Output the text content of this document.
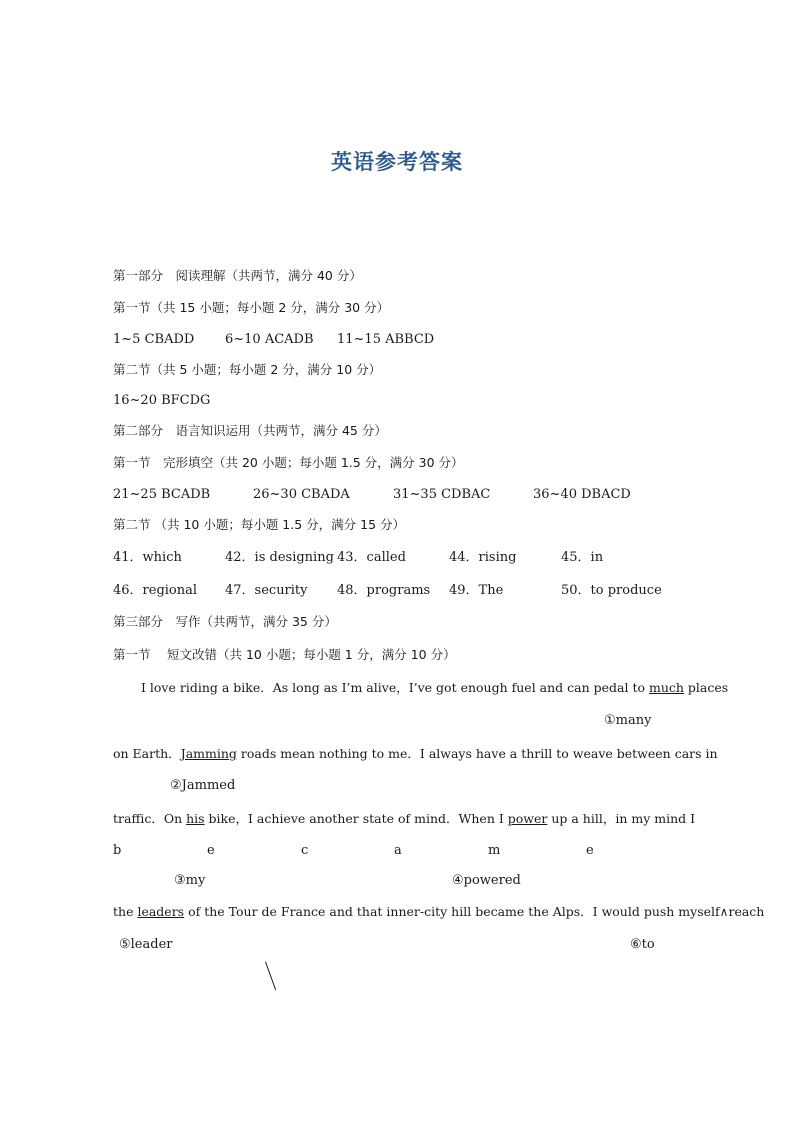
英语参考答案
第一部分　阅读理解（共两节，满分 40 分）
第一节（共 15 小题；每小题 2 分，满分 30 分）
1~5 CBADD 6~10 ACADB 11~15 ABBCD
第二节（共 5 小题；每小题 2 分，满分 10 分）
16~20 BFCDG
第二部分　语言知识运用（共两节，满分 45 分）
第一节　完形填空（共 20 小题；每小题 1.5 分，满分 30 分）
21~25 BCADB	26~30 CBADA	31~35 CDBAC	36~40 DBACD
第二节 （共 10 小题；每小题 1.5 分，满分 15 分）
41．which	42．is designing 43．called	44．rising	45．in
46．regional 47．security 48．programs 49．The	50．to produce
第三部分　写作（共两节，满分 35 分）
第一节　 短文改错（共 10 小题；每小题 1 分，满分 10 分）
I love riding a bike．As long as I’m alive，I’ve got enough fuel and can pedal to much places
①many
on Earth．Jamming roads mean nothing to me．I always have a thrill to weave between cars in
②Jammed
traffic．On his bike，I achieve another state of mind．When I power up a hill，in my mind I
b	e	c	a	m	e
③my	④powered
the leaders of the Tour de France and that inner-city hill became the Alps．I would push myself∧reach
⑤leader	⑥to
